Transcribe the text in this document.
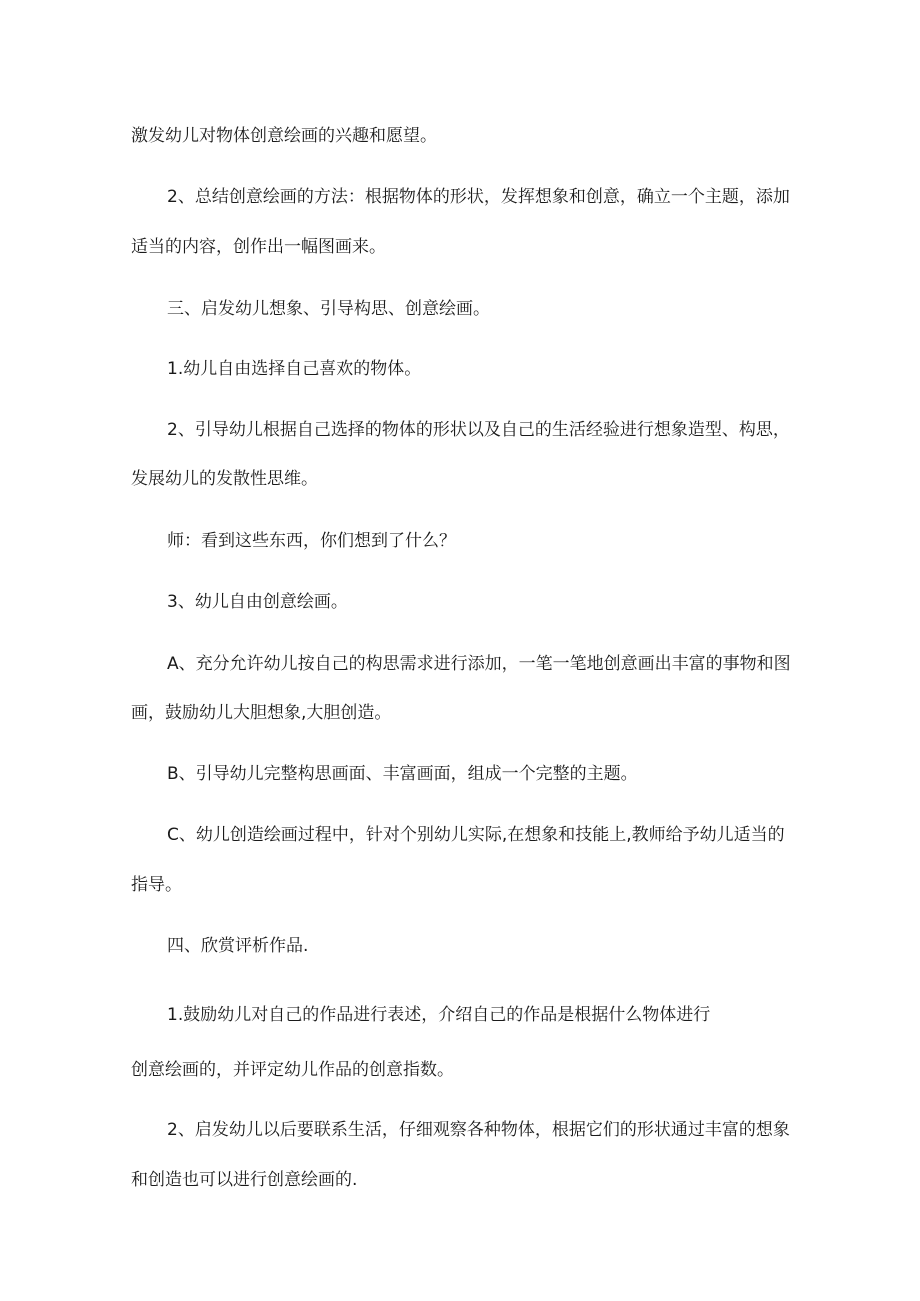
激发幼儿对物体创意绘画的兴趣和愿望。
2、总结创意绘画的方法：根据物体的形状，发挥想象和创意，确立一个主题，添加
适当的内容，创作出一幅图画来。
三、启发幼儿想象、引导构思、创意绘画。
1.幼儿自由选择自己喜欢的物体。
2、引导幼儿根据自己选择的物体的形状以及自己的生活经验进行想象造型、构思，
发展幼儿的发散性思维。
师：看到这些东西，你们想到了什么？
3、幼儿自由创意绘画。
A、充分允许幼儿按自己的构思需求进行添加，一笔一笔地创意画出丰富的事物和图
画，鼓励幼儿大胆想象,大胆创造。
B、引导幼儿完整构思画面、丰富画面，组成一个完整的主题。
C、幼儿创造绘画过程中，针对个别幼儿实际,在想象和技能上,教师给予幼儿适当的
指导。
四、欣赏评析作品.
1.鼓励幼儿对自己的作品进行表述，介绍自己的作品是根据什么物体进行
创意绘画的，并评定幼儿作品的创意指数。
2、启发幼儿以后要联系生活，仔细观察各种物体，根据它们的形状通过丰富的想象
和创造也可以进行创意绘画的.
